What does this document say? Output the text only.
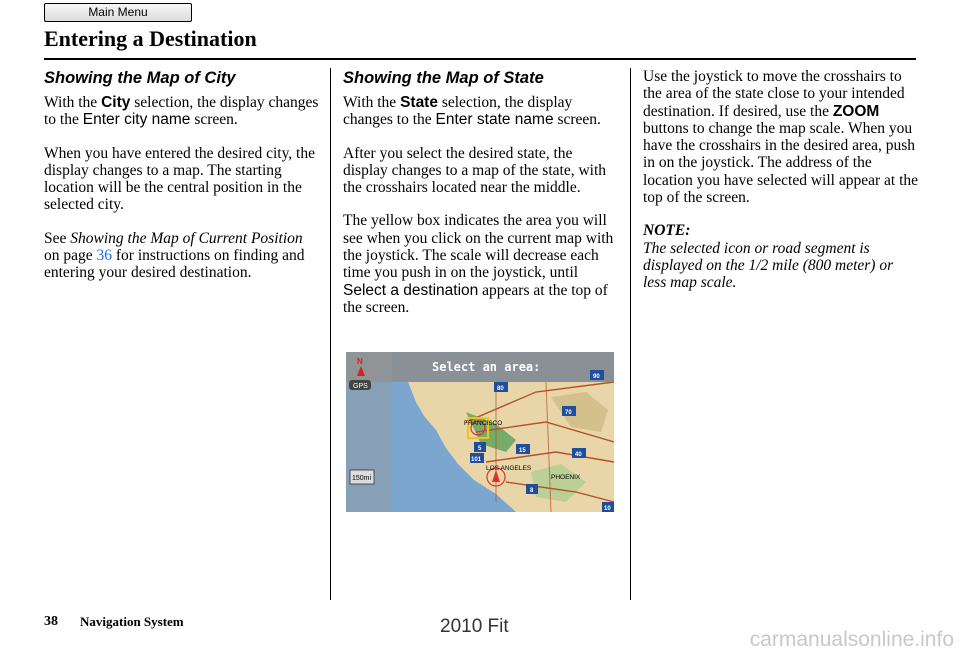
Main Menu
Entering a Destination
Showing the Map of City

With the City selection, the display changes to the Enter city name screen.

When you have entered the desired city, the display changes to a map. The starting location will be the central position in the selected city.

See Showing the Map of Current Position on page 36 for instructions on finding and entering your desired destination.

Showing the Map of State

With the State selection, the display changes to the Enter state name screen.

After you select the desired state, the display changes to a map of the state, with the crosshairs located near the middle.

The yellow box indicates the area you will see when you click on the current map with the joystick. The scale will decrease each time you push in on the joystick, until Select a destination appears at the top of the screen.

Use the joystick to move the crosshairs to the area of the state close to your intended destination. If desired, use the ZOOM buttons to change the map scale. When you have the crosshairs in the desired area, push in on the joystick. The address of the location you have selected will appear at the top of the screen.

NOTE:
The selected icon or road segment is displayed on the 1/2 mile (800 meter) or less map scale.

Select an area:
N
GPS
150mi
FRANCISCO
LOS ANGELES
PHOENIX
80
70
15
5
101
40
8
10
90
38 Navigation System	2010 Fit
carmanualsonline.info
